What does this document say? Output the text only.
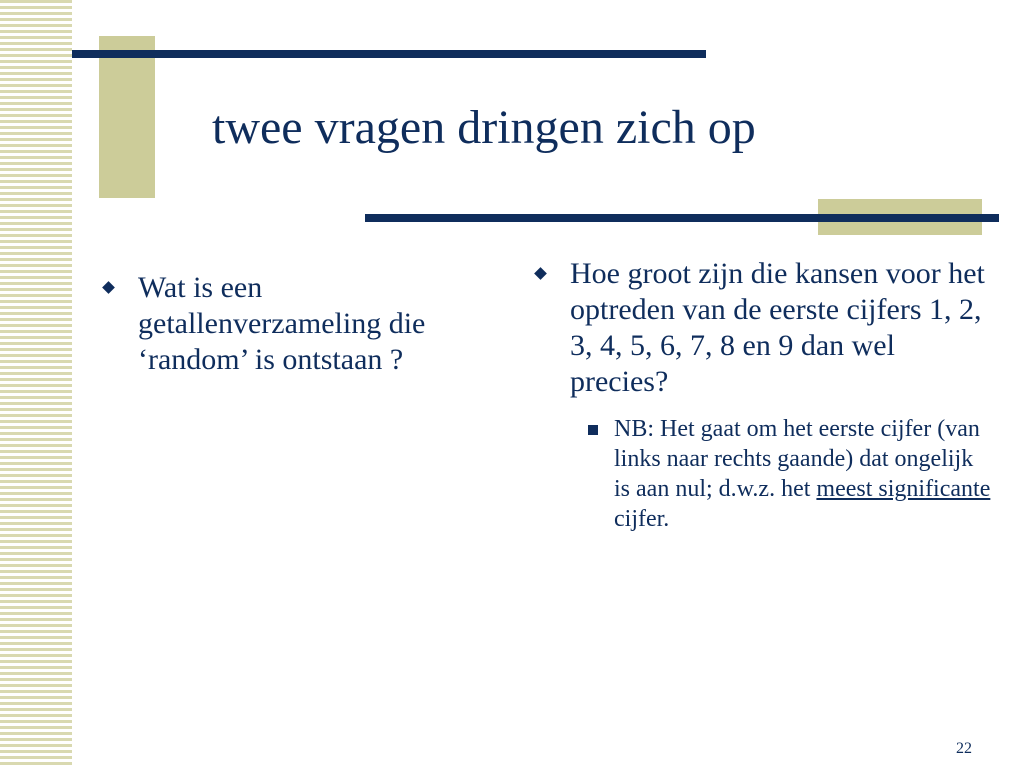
twee vragen dringen zich op
Wat is een getallenverzameling die ‘random’ is ontstaan ?
Hoe groot zijn die kansen voor het optreden van de eerste cijfers 1, 2, 3, 4, 5, 6, 7, 8 en 9 dan wel precies?
NB: Het gaat om het eerste cijfer (van links naar rechts gaande) dat ongelijk is aan nul; d.w.z. het meest significante cijfer.
22
